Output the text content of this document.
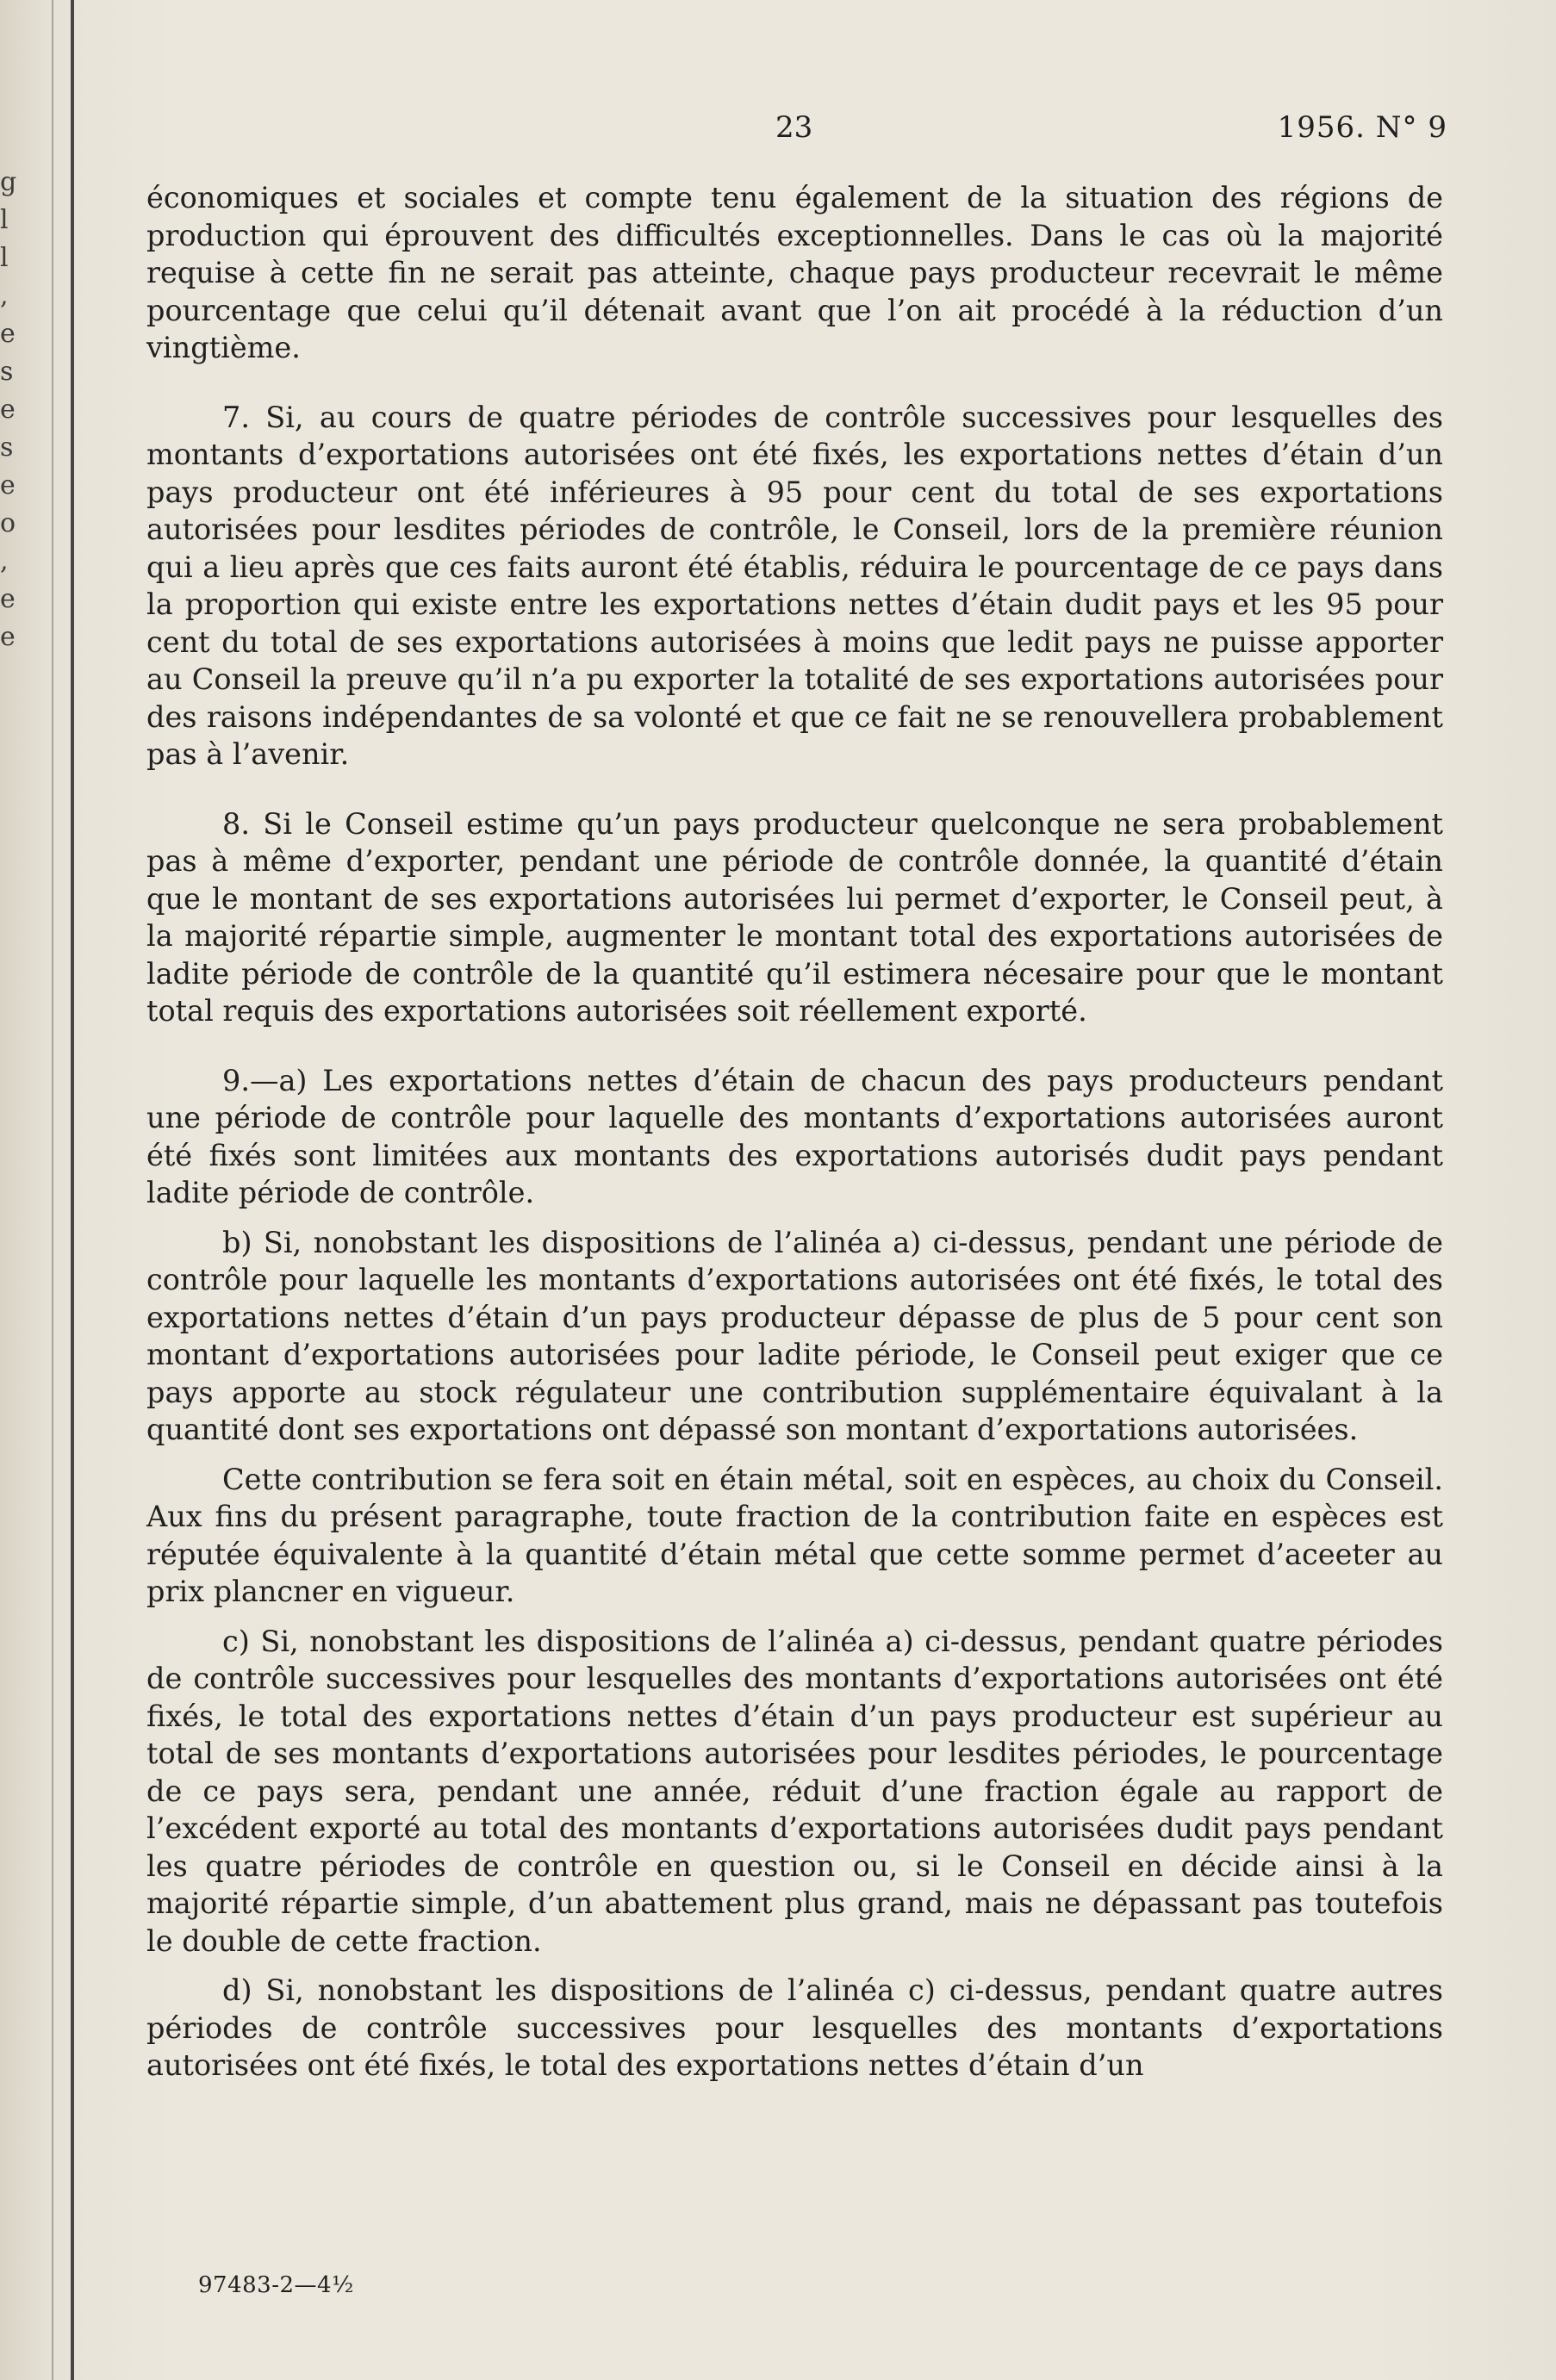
g
l
l
,
e
s
e
s
e
o
,
e
e
23	1956. N° 9

économiques et sociales et compte tenu également de la situation des régions de production qui éprouvent des difficultés exceptionnelles. Dans le cas où la majorité requise à cette fin ne serait pas atteinte, chaque pays producteur recevrait le même pourcentage que celui qu’il détenait avant que l’on ait procédé à la réduction d’un vingtième.

7. Si, au cours de quatre périodes de contrôle successives pour lesquelles des montants d’exportations autorisées ont été fixés, les exportations nettes d’étain d’un pays producteur ont été inférieures à 95 pour cent du total de ses exportations autorisées pour lesdites périodes de contrôle, le Conseil, lors de la première réunion qui a lieu après que ces faits auront été établis, réduira le pourcentage de ce pays dans la proportion qui existe entre les exportations nettes d’étain dudit pays et les 95 pour cent du total de ses exportations autorisées à moins que ledit pays ne puisse apporter au Conseil la preuve qu’il n’a pu exporter la totalité de ses exportations autorisées pour des raisons indépendantes de sa volonté et que ce fait ne se renouvellera probablement pas à l’avenir.

8. Si le Conseil estime qu’un pays producteur quelconque ne sera probablement pas à même d’exporter, pendant une période de contrôle donnée, la quantité d’étain que le montant de ses exportations autorisées lui permet d’exporter, le Conseil peut, à la majorité répartie simple, augmenter le montant total des exportations autorisées de ladite période de contrôle de la quantité qu’il estimera nécesaire pour que le montant total requis des exportations autorisées soit réellement exporté.

9.—a) Les exportations nettes d’étain de chacun des pays producteurs pendant une période de contrôle pour laquelle des montants d’exportations autorisées auront été fixés sont limitées aux montants des exportations autorisés dudit pays pendant ladite période de contrôle.

b) Si, nonobstant les dispositions de l’alinéa a) ci-dessus, pendant une période de contrôle pour laquelle les montants d’exportations autorisées ont été fixés, le total des exportations nettes d’étain d’un pays producteur dépasse de plus de 5 pour cent son montant d’exportations autorisées pour ladite période, le Conseil peut exiger que ce pays apporte au stock régulateur une contribution supplémentaire équivalant à la quantité dont ses exportations ont dépassé son montant d’exportations autorisées.

Cette contribution se fera soit en étain métal, soit en espèces, au choix du Conseil. Aux fins du présent paragraphe, toute fraction de la contribution faite en espèces est réputée équivalente à la quantité d’étain métal que cette somme permet d’aceeter au prix plancner en vigueur.

c) Si, nonobstant les dispositions de l’alinéa a) ci-dessus, pendant quatre périodes de contrôle successives pour lesquelles des montants d’exportations autorisées ont été fixés, le total des exportations nettes d’étain d’un pays producteur est supérieur au total de ses montants d’exportations autorisées pour lesdites périodes, le pourcentage de ce pays sera, pendant une année, réduit d’une fraction égale au rapport de l’excédent exporté au total des montants d’exportations autorisées dudit pays pendant les quatre périodes de contrôle en question ou, si le Conseil en décide ainsi à la majorité répartie simple, d’un abattement plus grand, mais ne dépassant pas toutefois le double de cette fraction.

d) Si, nonobstant les dispositions de l’alinéa c) ci-dessus, pendant quatre autres périodes de contrôle successives pour lesquelles des montants d’exportations autorisées ont été fixés, le total des exportations nettes d’étain d’un

97483-2—4½
